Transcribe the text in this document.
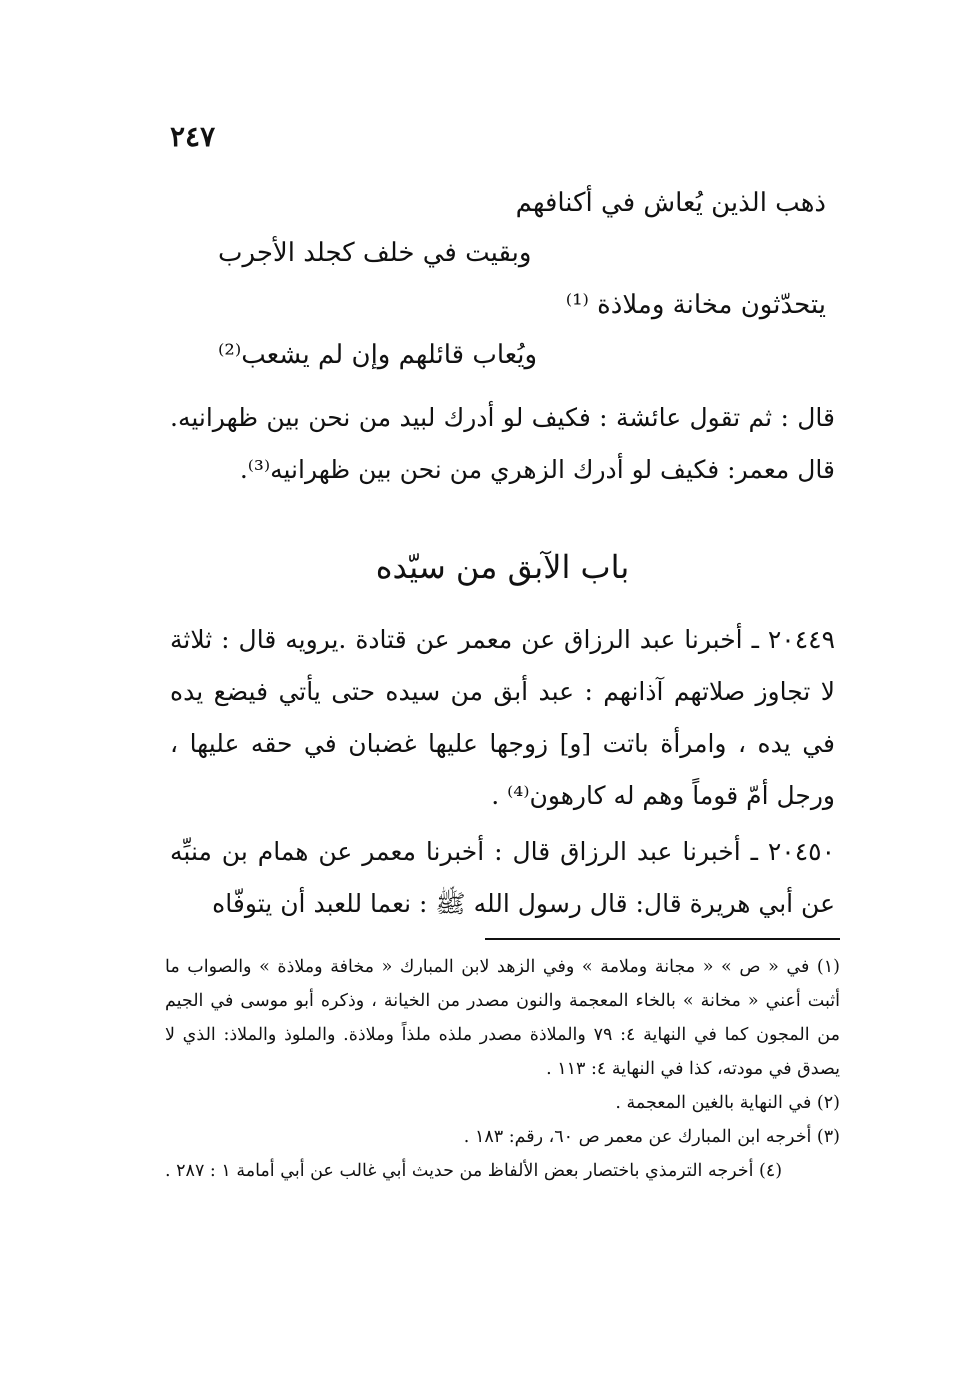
٢٤٧
ذهب الذين يُعاش في أكنافهم
وبقيت في خلف كجلد الأجرب
يتحدّثون مخانة وملاذة ⁽¹⁾
ويُعاب قائلهم وإن لم يشعب⁽²⁾
قال : ثم تقول عائشة : فكيف لو أدرك لبيد من نحن بين ظهرانيه. قال معمر: فكيف لو أدرك الزهري من نحن بين ظهرانيه⁽³⁾.
باب الآبق من سيّده
٢٠٤٤٩ ـ أخبرنا عبد الرزاق عن معمر عن قتادة .يرويه قال : ثلاثة لا تجاوز صلاتهم آذانهم : عبد أبق من سيده حتى يأتي فيضع يده في يده ، وامرأة باتت [و] زوجها عليها غضبان في حقه عليها ، ورجل أمّ قوماً وهم له كارهون⁽⁴⁾ .
٢٠٤٥٠ ـ أخبرنا عبد الرزاق قال : أخبرنا معمر عن همام بن منبِّه عن أبي هريرة قال: قال رسول الله ﷺ : نعما للعبد أن يتوفّاه

(١) في « ص » « مجانة وملامة » وفي الزهد لابن المبارك « مخافة وملاذة » والصواب ما أثبت أعني « مخانة » بالخاء المعجمة والنون مصدر من الخيانة ، وذكره أبو موسى في الجيم من المجون كما في النهاية ٤: ٧٩ والملاذة مصدر ملذه ملذاً وملاذة. والملوذ والملاذ: الذي لا يصدق في مودته، كذا في النهاية ٤: ١١٣ .

(٢) في النهاية بالغين المعجمة .

(٣) أخرجه ابن المبارك عن معمر ص ٦٠، رقم: ١٨٣ .

(٤) أخرجه الترمذي باختصار بعض الألفاظ من حديث أبي غالب عن أبي أمامة ١ : ٢٨٧ .
